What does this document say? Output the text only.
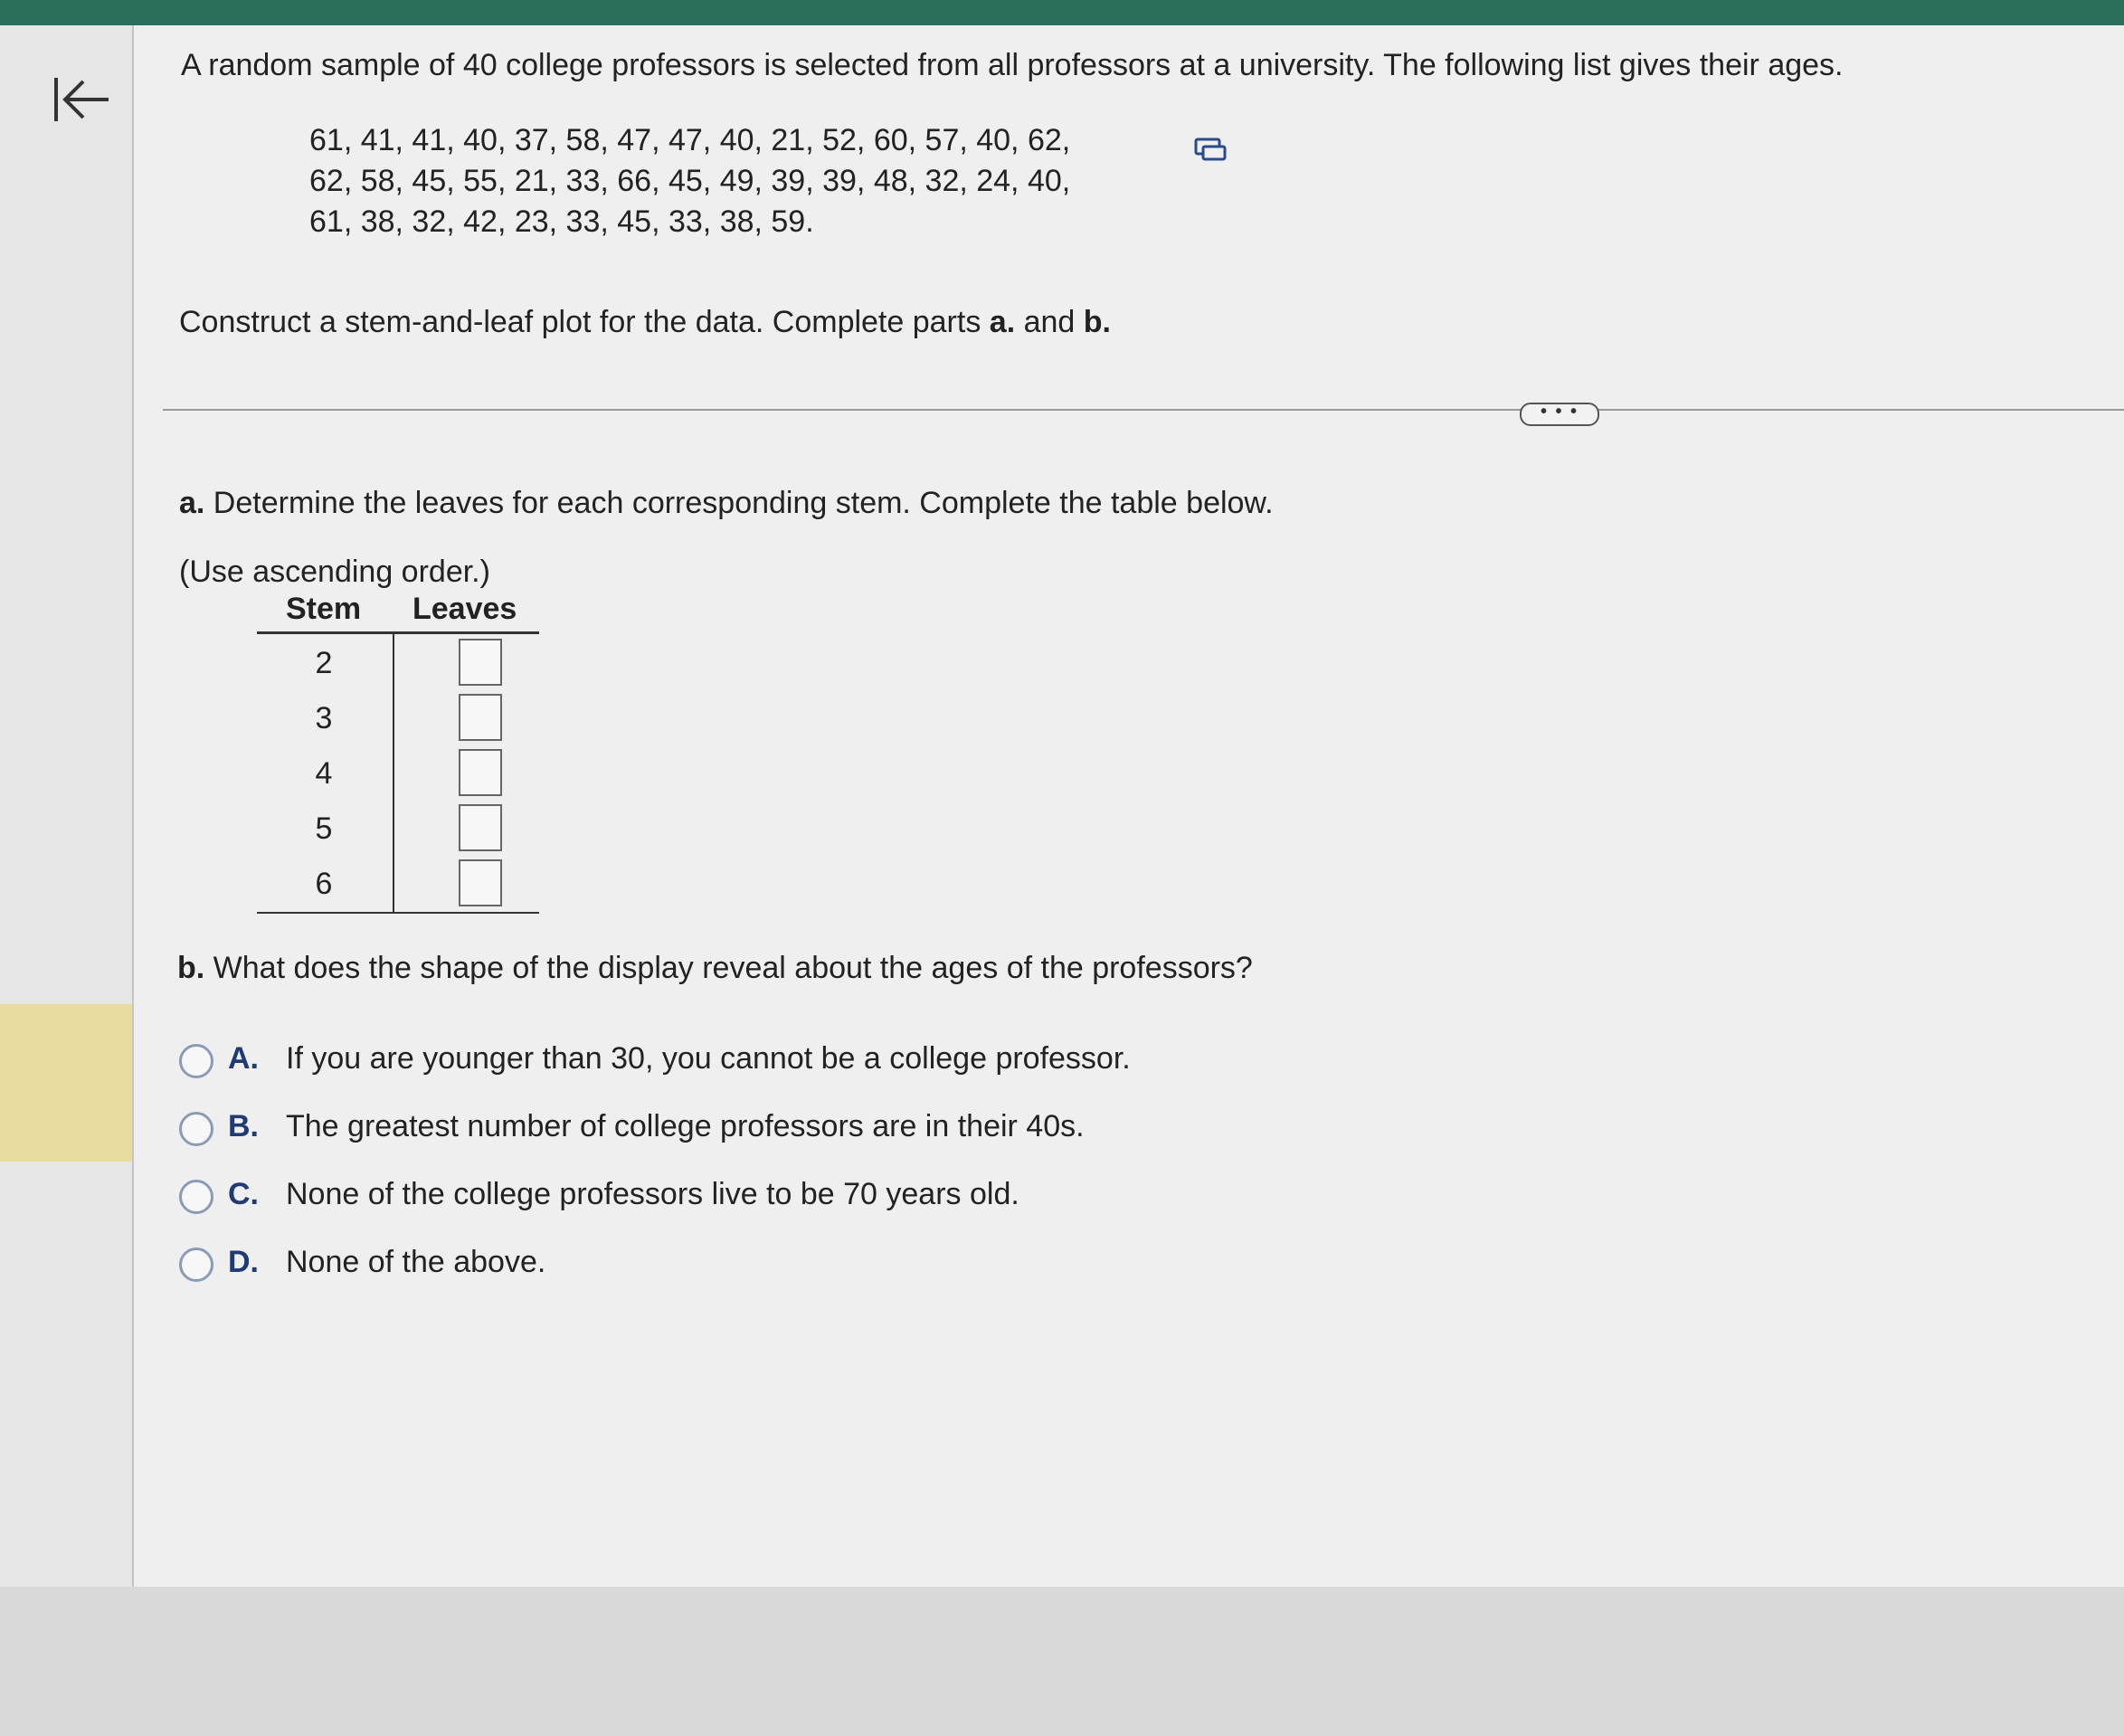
A random sample of 40 college professors is selected from all professors at a university. The following list gives their ages.
61, 41, 41, 40, 37, 58, 47, 47, 40, 21, 52, 60, 57, 40, 62,
62, 58, 45, 55, 21, 33, 66, 45, 49, 39, 39, 48, 32, 24, 40,
61, 38, 32, 42, 23, 33, 45, 33, 38, 59.
Construct a stem-and-leaf plot for the data. Complete parts a. and b.
• • •
a. Determine the leaves for each corresponding stem. Complete the table below.
(Use ascending order.)
Stem Leaves
2
3
4
5
6
b. What does the shape of the display reveal about the ages of the professors?
A. If you are younger than 30, you cannot be a college professor.
B. The greatest number of college professors are in their 40s.
C. None of the college professors live to be 70 years old.
D. None of the above.
